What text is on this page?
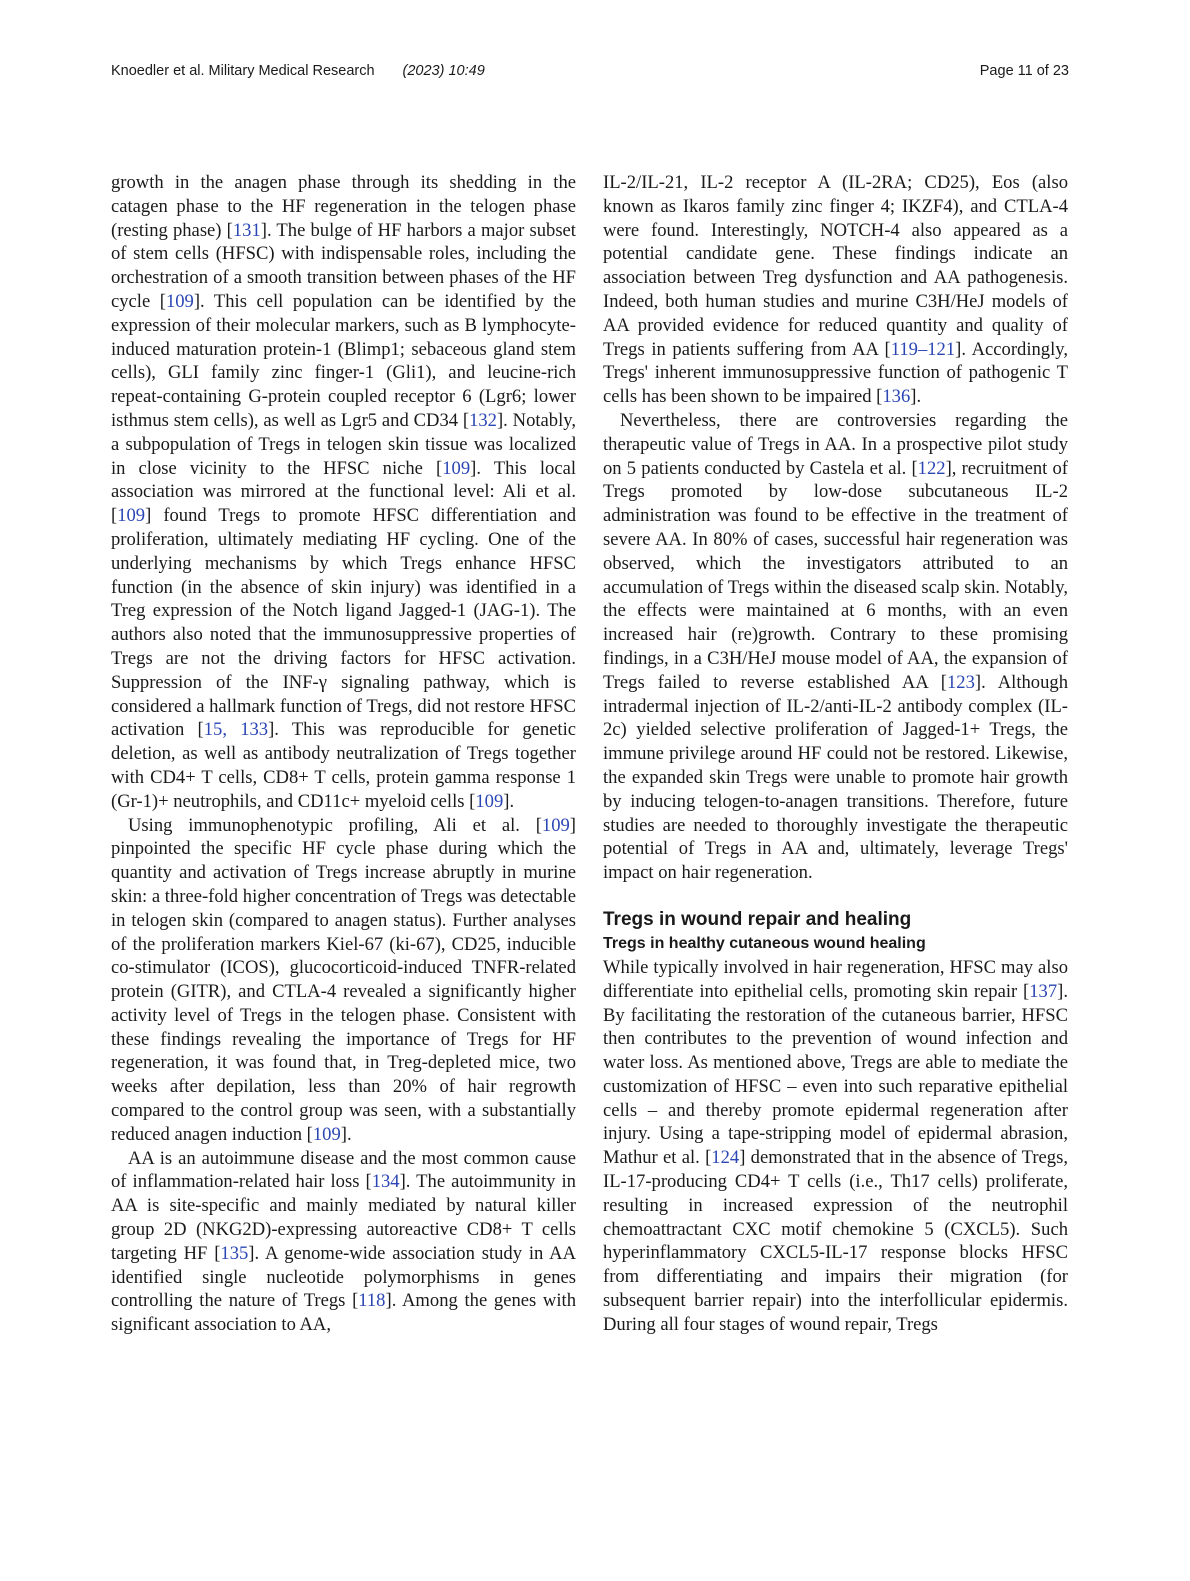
Knoedler et al. Military Medical Research (2023) 10:49	Page 11 of 23

growth in the anagen phase through its shedding in the catagen phase to the HF regeneration in the telogen phase (resting phase) [131]. The bulge of HF harbors a major subset of stem cells (HFSC) with indispensable roles, including the orchestration of a smooth transition between phases of the HF cycle [109]. This cell population can be identified by the expression of their molecular markers, such as B lymphocyte-induced maturation protein-1 (Blimp1; sebaceous gland stem cells), GLI family zinc finger-1 (Gli1), and leucine-rich repeat-containing G-protein coupled receptor 6 (Lgr6; lower isthmus stem cells), as well as Lgr5 and CD34 [132]. Notably, a subpopulation of Tregs in telogen skin tissue was localized in close vicinity to the HFSC niche [109]. This local association was mirrored at the functional level: Ali et al. [109] found Tregs to promote HFSC differentiation and proliferation, ultimately mediating HF cycling. One of the underlying mechanisms by which Tregs enhance HFSC function (in the absence of skin injury) was identified in a Treg expression of the Notch ligand Jagged-1 (JAG-1). The authors also noted that the immunosuppressive properties of Tregs are not the driving factors for HFSC activation. Suppression of the INF-γ signaling pathway, which is considered a hallmark function of Tregs, did not restore HFSC activation [15, 133]. This was reproducible for genetic deletion, as well as antibody neutralization of Tregs together with CD4+ T cells, CD8+ T cells, protein gamma response 1 (Gr-1)+ neutrophils, and CD11c+ myeloid cells [109].

Using immunophenotypic profiling, Ali et al. [109] pinpointed the specific HF cycle phase during which the quantity and activation of Tregs increase abruptly in murine skin: a three-fold higher concentration of Tregs was detectable in telogen skin (compared to anagen status). Further analyses of the proliferation markers Kiel-67 (ki-67), CD25, inducible co-stimulator (ICOS), glucocorticoid-induced TNFR-related protein (GITR), and CTLA-4 revealed a significantly higher activity level of Tregs in the telogen phase. Consistent with these findings revealing the importance of Tregs for HF regeneration, it was found that, in Treg-depleted mice, two weeks after depilation, less than 20% of hair regrowth compared to the control group was seen, with a substantially reduced anagen induction [109].

AA is an autoimmune disease and the most common cause of inflammation-related hair loss [134]. The autoimmunity in AA is site-specific and mainly mediated by natural killer group 2D (NKG2D)-expressing autoreactive CD8+ T cells targeting HF [135]. A genome-wide association study in AA identified single nucleotide polymorphisms in genes controlling the nature of Tregs [118]. Among the genes with significant association to AA,

IL-2/IL-21, IL-2 receptor A (IL-2RA; CD25), Eos (also known as Ikaros family zinc finger 4; IKZF4), and CTLA-4 were found. Interestingly, NOTCH-4 also appeared as a potential candidate gene. These findings indicate an association between Treg dysfunction and AA pathogenesis. Indeed, both human studies and murine C3H/HeJ models of AA provided evidence for reduced quantity and quality of Tregs in patients suffering from AA [119–121]. Accordingly, Tregs' inherent immunosuppressive function of pathogenic T cells has been shown to be impaired [136].

Nevertheless, there are controversies regarding the therapeutic value of Tregs in AA. In a prospective pilot study on 5 patients conducted by Castela et al. [122], recruitment of Tregs promoted by low-dose subcutaneous IL-2 administration was found to be effective in the treatment of severe AA. In 80% of cases, successful hair regeneration was observed, which the investigators attributed to an accumulation of Tregs within the diseased scalp skin. Notably, the effects were maintained at 6 months, with an even increased hair (re)growth. Contrary to these promising findings, in a C3H/HeJ mouse model of AA, the expansion of Tregs failed to reverse established AA [123]. Although intradermal injection of IL-2/anti-IL-2 antibody complex (IL-2c) yielded selective proliferation of Jagged-1+ Tregs, the immune privilege around HF could not be restored. Likewise, the expanded skin Tregs were unable to promote hair growth by inducing telogen-to-anagen transitions. Therefore, future studies are needed to thoroughly investigate the therapeutic potential of Tregs in AA and, ultimately, leverage Tregs' impact on hair regeneration.

Tregs in wound repair and healing
Tregs in healthy cutaneous wound healing

While typically involved in hair regeneration, HFSC may also differentiate into epithelial cells, promoting skin repair [137]. By facilitating the restoration of the cutaneous barrier, HFSC then contributes to the prevention of wound infection and water loss. As mentioned above, Tregs are able to mediate the customization of HFSC – even into such reparative epithelial cells – and thereby promote epidermal regeneration after injury. Using a tape-stripping model of epidermal abrasion, Mathur et al. [124] demonstrated that in the absence of Tregs, IL-17-producing CD4+ T cells (i.e., Th17 cells) proliferate, resulting in increased expression of the neutrophil chemoattractant CXC motif chemokine 5 (CXCL5). Such hyperinflammatory CXCL5-IL-17 response blocks HFSC from differentiating and impairs their migration (for subsequent barrier repair) into the interfollicular epidermis. During all four stages of wound repair, Tregs
